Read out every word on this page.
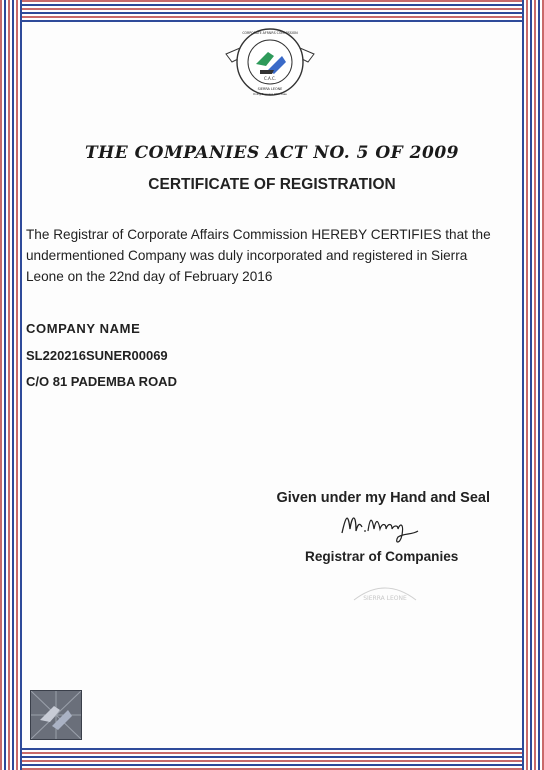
C.A.C.
SIERRA LEONE
CORPORATE AFFAIRS COMMISSION
Doing Business With Ease
THE COMPANIES ACT NO. 5 OF 2009
CERTIFICATE OF REGISTRATION
The Registrar of Corporate Affairs Commission HEREBY CERTIFIES that the undermentioned Company was duly incorporated and registered in Sierra Leone on the 22nd day of February 2016
COMPANY NAME
SL220216SUNER00069
C/O 81 PADEMBA ROAD
Given under my Hand and Seal
Registrar of Companies
SIERRA LEONE
